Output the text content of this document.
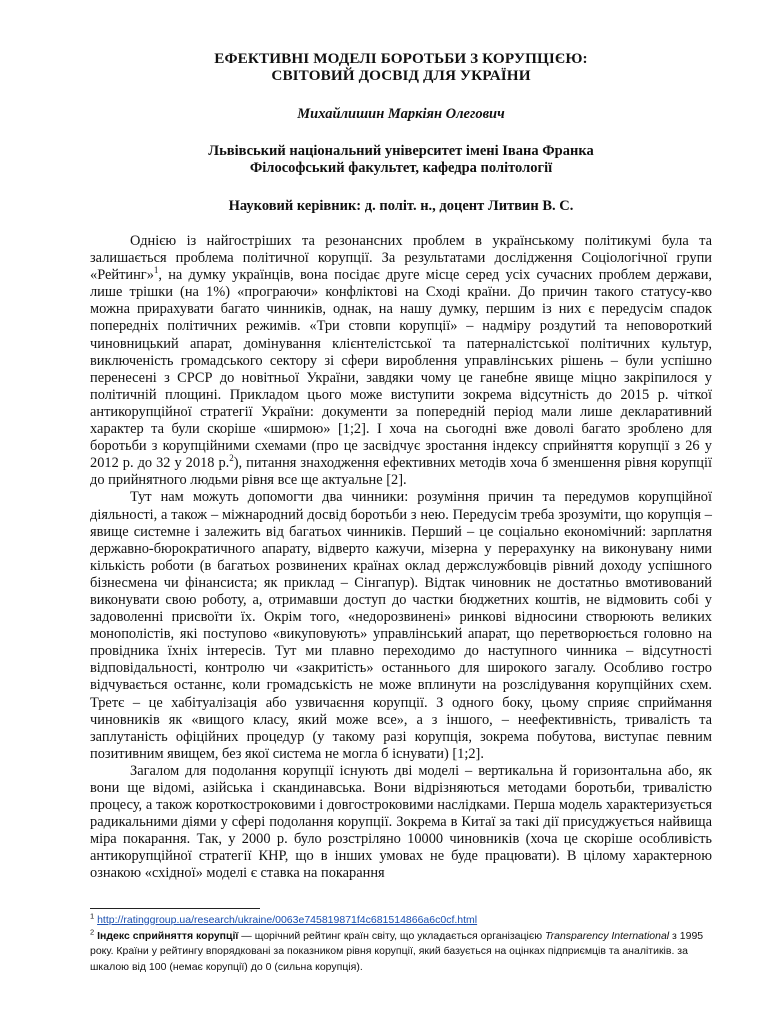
ЕФЕКТИВНІ МОДЕЛІ БОРОТЬБИ З КОРУПЦІЄЮ:
СВІТОВИЙ ДОСВІД ДЛЯ УКРАЇНИ

Михайлишин Маркіян Олегович

Львівський національний університет імені Івана Франка
Філософський факультет, кафедра політології

Науковий керівник: д. політ. н., доцент Литвин В. С.

Однією із найгостріших та резонансних проблем в українському політикумі була та залишається проблема політичної корупції. За результатами дослідження Соціологічної групи «Рейтинг»$^1$, на думку українців, вона посідає друге місце серед усіх сучасних проблем держави, лише трішки (на 1%) «програючи» конфліктові на Сході країни. До причин такого статусу-кво можна прирахувати багато чинників, однак, на нашу думку, першим із них є передусім спадок попередніх політичних режимів. «Три стовпи корупції» – надміру роздутий та неповороткий чиновницький апарат, домінування клієнтелістської та патерналістської політичних культур, виключеність громадського сектору зі сфери вироблення управлінських рішень – були успішно перенесені з СРСР до новітньої України, завдяки чому це ганебне явище міцно закріпилося у політичній площині. Прикладом цього може виступити зокрема відсутність до 2015 р. чіткої антикорупційної стратегії України: документи за попередній період мали лише декларативний характер та були скоріше «ширмою» [1;2]. І хоча на сьогодні вже доволі багато зроблено для боротьби з корупційними схемами (про це засвідчує зростання індексу сприйняття корупції з 26 у 2012 р. до 32 у 2018 р.$^2$), питання знаходження ефективних методів хоча б зменшення рівня корупції до прийнятного людьми рівня все ще актуальне [2].

Тут нам можуть допомогти два чинники: розуміння причин та передумов корупційної діяльності, а також – міжнародний досвід боротьби з нею. Передусім треба зрозуміти, що корупція – явище системне і залежить від багатьох чинників. Перший – це соціально економічний: зарплатня державно-бюрократичного апарату, відверто кажучи, мізерна у перерахунку на виконувану ними кількість роботи (в багатьох розвинених країнах оклад держслужбовців рівний доходу успішного бізнесмена чи фінансиста; як приклад – Сінгапур). Відтак чиновник не достатньо вмотивований виконувати свою роботу, а, отримавши доступ до частки бюджетних коштів, не відмовить собі у задоволенні присвоїти їх. Окрім того, «недорозвинені» ринкові відносини створюють великих монополістів, які поступово «викуповують» управлінський апарат, що перетворюється головно на провідника їхніх інтересів. Тут ми плавно переходимо до наступного чинника – відсутності відповідальності, контролю чи «закритість» останнього для широкого загалу. Особливо гостро відчувається останнє, коли громадськість не може вплинути на розслідування корупційних схем. Третє – це хабітуалізація або узвичаєння корупції. З одного боку, цьому сприяє сприймання чиновників як «вищого класу, який може все», а з іншого, – неефективність, тривалість та заплутаність офіційних процедур (у такому разі корупція, зокрема побутова, виступає певним позитивним явищем, без якої система не могла б існувати) [1;2].

Загалом для подолання корупції існують дві моделі – вертикальна й горизонтальна або, як вони ще відомі, азійська і скандинавська. Вони відрізняються методами боротьби, тривалістю процесу, а також короткостроковими і довгостроковими наслідками. Перша модель характеризується радикальними діями у сфері подолання корупції. Зокрема в Китаї за такі дії присуджується найвища міра покарання. Так, у 2000 р. було розстріляно 10000 чиновників (хоча це скоріше особливість антикорупційної стратегії КНР, що в інших умовах не буде працювати). В цілому характерною ознакою «східної» моделі є ставка на покарання

$^1$ http://ratinggroup.ua/research/ukraine/0063e745819871f4c681514866a6c0cf.html

$^2$ Індекс сприйняття корупції — щорічний рейтинг країн світу, що укладається організацією Transparency International з 1995 року. Країни у рейтингу впорядковані за показником рівня корупції, який базується на оцінках підприємців та аналітиків. за шкалою від 100 (немає корупції) до 0 (сильна корупція).
